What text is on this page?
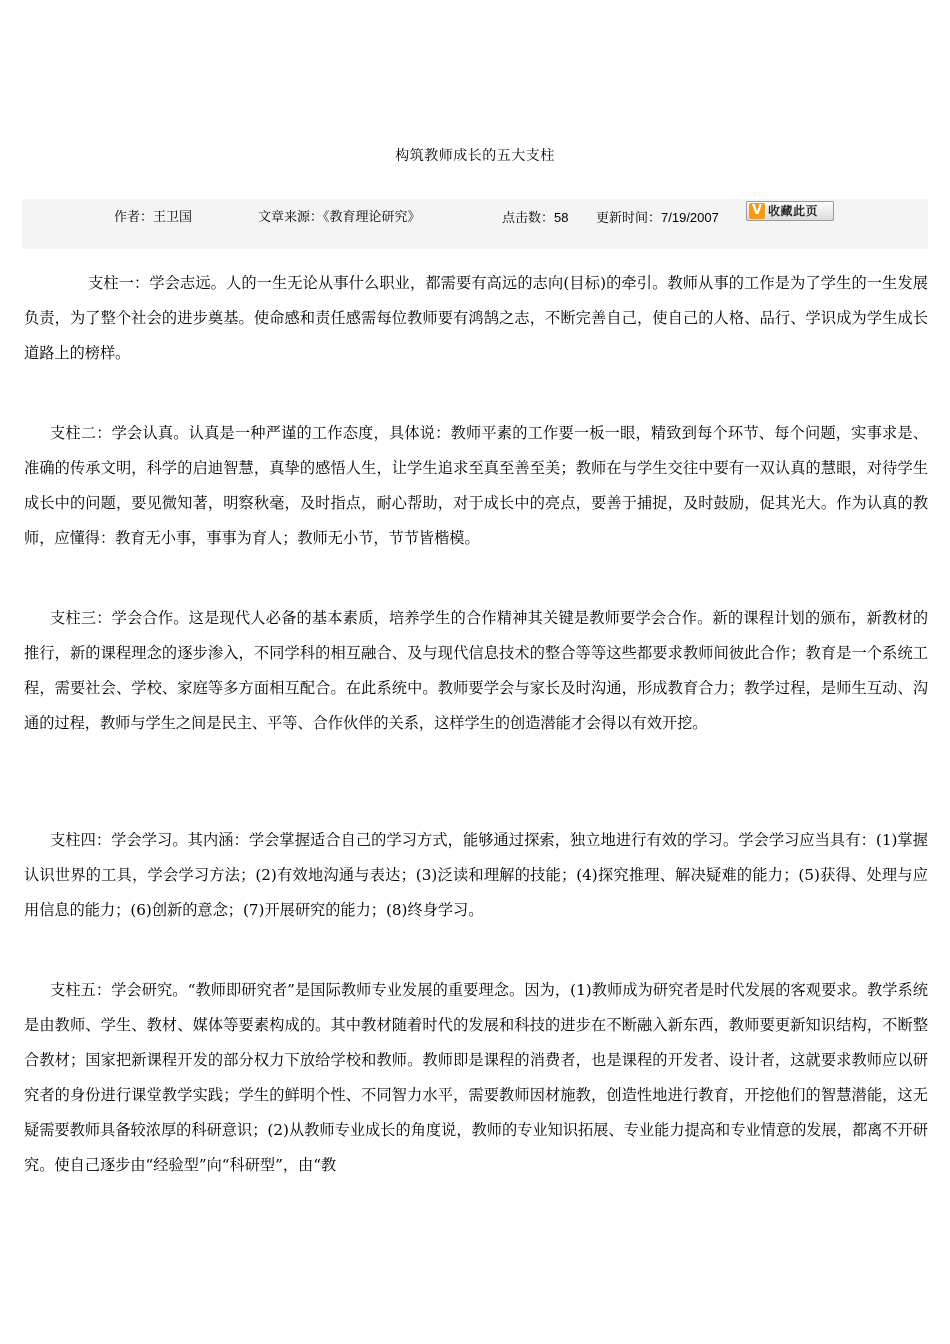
构筑教师成长的五大支柱
作者：王卫国	文章来源：《教育理论研究》	点击数：58 更新时间：7/19/2007	V 收藏此页

支柱一：学会志远。人的一生无论从事什么职业，都需要有高远的志向(目标)的牵引。教师从事的工作是为了学生的一生发展负责，为了整个社会的进步奠基。使命感和责任感需每位教师要有鸿鹄之志，不断完善自己，使自己的人格、品行、学识成为学生成长道路上的榜样。

支柱二：学会认真。认真是一种严谨的工作态度，具体说：教师平素的工作要一板一眼，精致到每个环节、每个问题，实事求是、准确的传承文明，科学的启迪智慧，真挚的感悟人生，让学生追求至真至善至美；教师在与学生交往中要有一双认真的慧眼，对待学生成长中的问题，要见微知著，明察秋毫，及时指点，耐心帮助，对于成长中的亮点，要善于捕捉，及时鼓励，促其光大。作为认真的教师，应懂得：教育无小事，事事为育人；教师无小节，节节皆楷模。

支柱三：学会合作。这是现代人必备的基本素质，培养学生的合作精神其关键是教师要学会合作。新的课程计划的颁布，新教材的推行，新的课程理念的逐步渗入，不同学科的相互融合、及与现代信息技术的整合等等这些都要求教师间彼此合作；教育是一个系统工程，需要社会、学校、家庭等多方面相互配合。在此系统中。教师要学会与家长及时沟通，形成教育合力；教学过程，是师生互动、沟通的过程，教师与学生之间是民主、平等、合作伙伴的关系，这样学生的创造潜能才会得以有效开挖。

支柱四：学会学习。其内涵：学会掌握适合自己的学习方式，能够通过探索，独立地进行有效的学习。学会学习应当具有：(1)掌握认识世界的工具，学会学习方法；(2)有效地沟通与表达；(3)泛读和理解的技能；(4)探究推理、解决疑难的能力；(5)获得、处理与应用信息的能力；(6)创新的意念；(7)开展研究的能力；(8)终身学习。

支柱五：学会研究。“教师即研究者”是国际教师专业发展的重要理念。因为，(1)教师成为研究者是时代发展的客观要求。教学系统是由教师、学生、教材、媒体等要素构成的。其中教材随着时代的发展和科技的进步在不断融入新东西，教师要更新知识结构，不断整合教材；国家把新课程开发的部分权力下放给学校和教师。教师即是课程的消费者，也是课程的开发者、设计者，这就要求教师应以研究者的身份进行课堂教学实践；学生的鲜明个性、不同智力水平，需要教师因材施教，创造性地进行教育，开挖他们的智慧潜能，这无疑需要教师具备较浓厚的科研意识；(2)从教师专业成长的角度说，教师的专业知识拓展、专业能力提高和专业情意的发展，都离不开研究。使自己逐步由“经验型”向“科研型”，由“教
